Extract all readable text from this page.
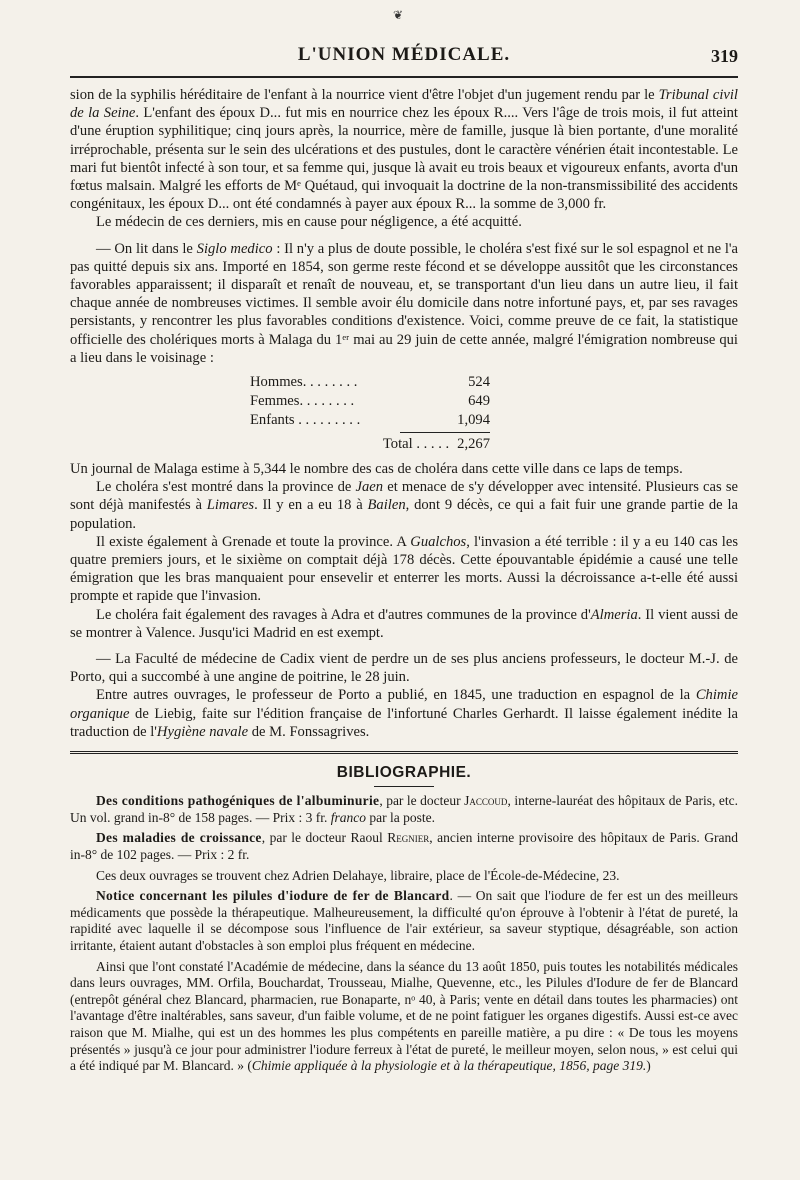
❦
L'UNION MÉDICALE.	319

sion de la syphilis héréditaire de l'enfant à la nourrice vient d'être l'objet d'un jugement rendu par le Tribunal civil de la Seine. L'enfant des époux D... fut mis en nourrice chez les époux R.... Vers l'âge de trois mois, il fut atteint d'une éruption syphilitique; cinq jours après, la nourrice, mère de famille, jusque là bien portante, d'une moralité irréprochable, présenta sur le sein des ulcérations et des pustules, dont le caractère vénérien était incontestable. Le mari fut bientôt infecté à son tour, et sa femme qui, jusque là avait eu trois beaux et vigoureux enfants, avorta d'un fœtus malsain. Malgré les efforts de Mᵉ Quétaud, qui invoquait la doctrine de la non-transmissibilité des accidents congénitaux, les époux D... ont été condamnés à payer aux époux R... la somme de 3,000 fr.

Le médecin de ces derniers, mis en cause pour négligence, a été acquitté.

— On lit dans le Siglo medico : Il n'y a plus de doute possible, le choléra s'est fixé sur le sol espagnol et ne l'a pas quitté depuis six ans. Importé en 1854, son germe reste fécond et se développe aussitôt que les circonstances favorables apparaissent; il disparaît et renaît de nouveau, et, se transportant d'un lieu dans un autre lieu, il fait chaque année de nombreuses victimes. Il semble avoir élu domicile dans notre infortuné pays, et, par ses ravages persistants, y rencontrer les plus favorables conditions d'existence. Voici, comme preuve de ce fait, la statistique officielle des cholériques morts à Malaga du 1ᵉʳ mai au 29 juin de cette année, malgré l'émigration nombreuse qui a lieu dans le voisinage :

Hommes. . . . . . . .	524
Femmes. . . . . . . .	649
Enfants . . . . . . . . .	1,094
Total . . . . . 2,267

Un journal de Malaga estime à 5,344 le nombre des cas de choléra dans cette ville dans ce laps de temps.

Le choléra s'est montré dans la province de Jaen et menace de s'y développer avec intensité. Plusieurs cas se sont déjà manifestés à Limares. Il y en a eu 18 à Bailen, dont 9 décès, ce qui a fait fuir une grande partie de la population.

Il existe également à Grenade et toute la province. A Gualchos, l'invasion a été terrible : il y a eu 140 cas les quatre premiers jours, et le sixième on comptait déjà 178 décès. Cette épouvantable épidémie a causé une telle émigration que les bras manquaient pour ensevelir et enterrer les morts. Aussi la décroissance a-t-elle été aussi prompte et rapide que l'invasion.

Le choléra fait également des ravages à Adra et d'autres communes de la province d'Almeria. Il vient aussi de se montrer à Valence. Jusqu'ici Madrid en est exempt.

— La Faculté de médecine de Cadix vient de perdre un de ses plus anciens professeurs, le docteur M.-J. de Porto, qui a succombé à une angine de poitrine, le 28 juin.

Entre autres ouvrages, le professeur de Porto a publié, en 1845, une traduction en espagnol de la Chimie organique de Liebig, faite sur l'édition française de l'infortuné Charles Gerhardt. Il laisse également inédite la traduction de l'Hygiène navale de M. Fonssagrives.

BIBLIOGRAPHIE.

Des conditions pathogéniques de l'albuminurie, par le docteur Jaccoud, interne-lauréat des hôpitaux de Paris, etc. Un vol. grand in-8° de 158 pages. — Prix : 3 fr. franco par la poste.

Des maladies de croissance, par le docteur Raoul Regnier, ancien interne provisoire des hôpitaux de Paris. Grand in-8° de 102 pages. — Prix : 2 fr.

Ces deux ouvrages se trouvent chez Adrien Delahaye, libraire, place de l'École-de-Médecine, 23.

Notice concernant les pilules d'iodure de fer de Blancard. — On sait que l'iodure de fer est un des meilleurs médicaments que possède la thérapeutique. Malheureusement, la difficulté qu'on éprouve à l'obtenir à l'état de pureté, la rapidité avec laquelle il se décompose sous l'influence de l'air extérieur, sa saveur styptique, désagréable, son action irritante, étaient autant d'obstacles à son emploi plus fréquent en médecine.

Ainsi que l'ont constaté l'Académie de médecine, dans la séance du 13 août 1850, puis toutes les notabilités médicales dans leurs ouvrages, MM. Orfila, Bouchardat, Trousseau, Mialhe, Quevenne, etc., les Pilules d'Iodure de fer de Blancard (entrepôt général chez Blancard, pharmacien, rue Bonaparte, nᵒ 40, à Paris; vente en détail dans toutes les pharmacies) ont l'avantage d'être inaltérables, sans saveur, d'un faible volume, et de ne point fatiguer les organes digestifs. Aussi est-ce avec raison que M. Mialhe, qui est un des hommes les plus compétents en pareille matière, a pu dire : « De tous les moyens présentés » jusqu'à ce jour pour administrer l'iodure ferreux à l'état de pureté, le meilleur moyen, selon nous, » est celui qui a été indiqué par M. Blancard. » (Chimie appliquée à la physiologie et à la thérapeutique, 1856, page 319.)
